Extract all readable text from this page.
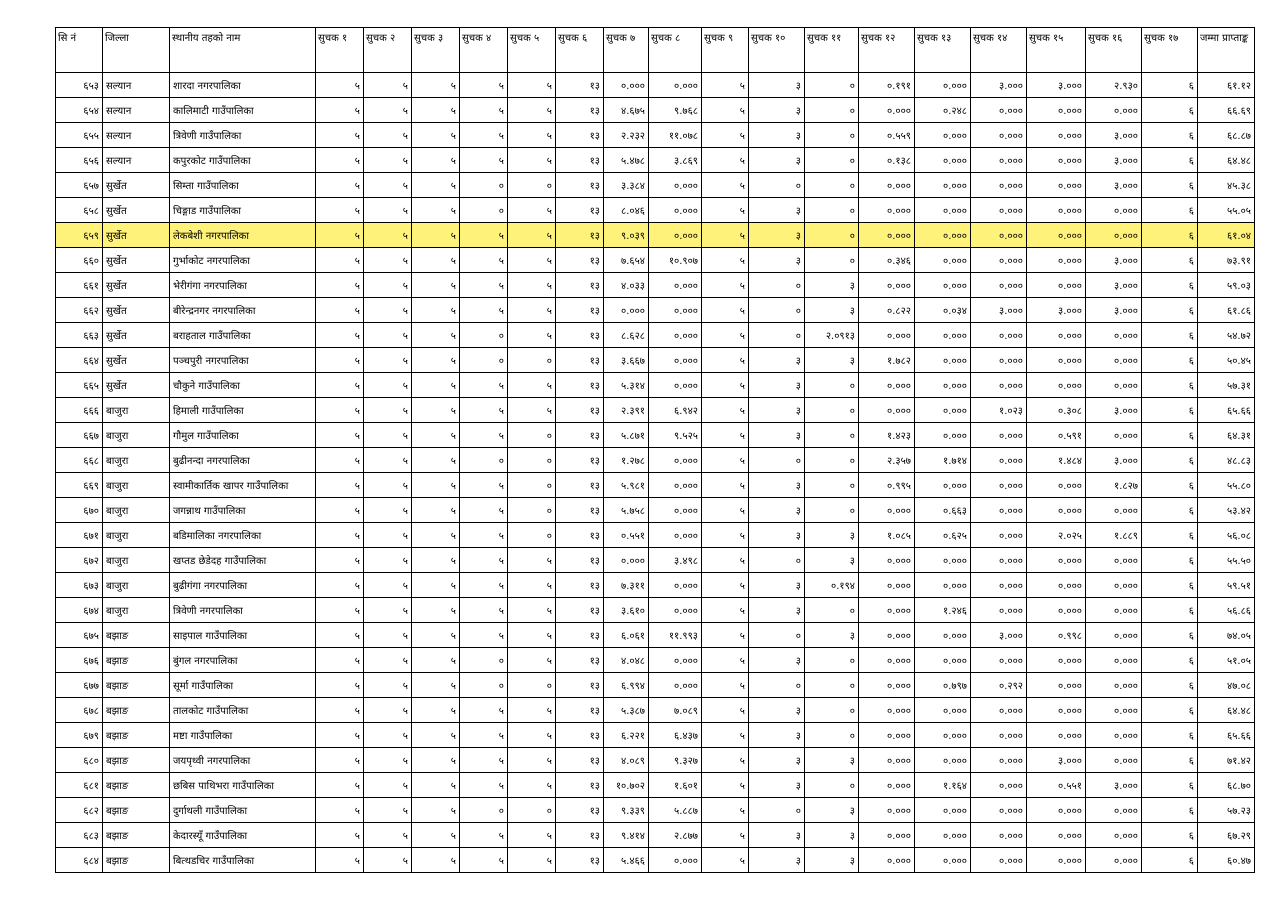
सि नं	जिल्ला	स्थानीय तहको नाम	सुचक १	सुचक २	सुचक ३	सुचक ४	सुचक ५	सुचक ६	सुचक ७	सुचक ८	सुचक ९	सुचक १०	सुचक ११	सुचक १२	सुचक १३	सुचक १४	सुचक १५	सुचक १६	सुचक १७	जम्मा प्राप्ताङ्क
६५३	सल्यान	शारदा नगरपालिका	५	५	५	५	५	१३	०.०००	०.०००	५	३	०	०.१९१	०.०००	३.०००	३.०००	२.९३०	६	६१.१२
६५४	सल्यान	कालिमाटी गाउँपालिका	५	५	५	५	५	१३	४.६७५	९.७६८	५	३	०	०.०००	०.२४८	०.०००	०.०००	०.०००	६	६६.६९
६५५	सल्यान	त्रिवेणी गाउँपालिका	५	५	५	५	५	१३	२.२३२	११.०७८	५	३	०	०.५५९	०.०००	०.०००	०.०००	३.०००	६	६८.८७
६५६	सल्यान	कपुरकोट गाउँपालिका	५	५	५	५	५	१३	५.४७८	३.८६९	५	३	०	०.१३८	०.०००	०.०००	०.०००	३.०००	६	६४.४८
६५७	सुर्खेत	सिम्ता गाउँपालिका	५	५	५	०	०	१३	३.३८४	०.०००	५	०	०	०.०००	०.०००	०.०००	०.०००	३.०००	६	४५.३८
६५८	सुर्खेत	चिङ्गाड गाउँपालिका	५	५	५	०	५	१३	८.०४६	०.०००	५	३	०	०.०००	०.०००	०.०००	०.०००	०.०००	६	५५.०५
६५९	सुर्खेत	लेकबेशी नगरपालिका	५	५	५	५	५	१३	९.०३९	०.०००	५	३	०	०.०००	०.०००	०.०००	०.०००	०.०००	६	६१.०४
६६०	सुर्खेत	गुर्भाकोट नगरपालिका	५	५	५	५	५	१३	७.६५४	१०.९०७	५	३	०	०.३४६	०.०००	०.०००	०.०००	३.०००	६	७३.९१
६६१	सुर्खेत	भेरीगंगा नगरपालिका	५	५	५	५	५	१३	४.०३३	०.०००	५	०	३	०.०००	०.०००	०.०००	०.०००	३.०००	६	५९.०३
६६२	सुर्खेत	बीरेन्द्रनगर नगरपालिका	५	५	५	५	५	१३	०.०००	०.०००	५	०	३	०.८२२	०.०३४	३.०००	३.०००	३.०००	६	६१.८६
६६३	सुर्खेत	बराहताल गाउँपालिका	५	५	५	०	५	१३	८.६२८	०.०००	५	०	२.०९१३	०.०००	०.०००	०.०००	०.०००	०.०००	६	५४.७२
६६४	सुर्खेत	पञ्चपुरी नगरपालिका	५	५	५	०	०	१३	३.६६७	०.०००	५	३	३	१.७८२	०.०००	०.०००	०.०००	०.०००	६	५०.४५
६६५	सुर्खेत	चौकुने गाउँपालिका	५	५	५	५	५	१३	५.३१४	०.०००	५	३	०	०.०००	०.०००	०.०००	०.०००	०.०००	६	५७.३१
६६६	बाजुरा	हिमाली गाउँपालिका	५	५	५	५	५	१३	२.३९१	६.९४२	५	३	०	०.०००	०.०००	१.०२३	०.३०८	३.०००	६	६५.६६
६६७	बाजुरा	गौमुल गाउँपालिका	५	५	५	५	०	१३	५.८७१	९.५२५	५	३	०	१.४२३	०.०००	०.०००	०.५९१	०.०००	६	६४.३१
६६८	बाजुरा	बुढीनन्दा नगरपालिका	५	५	५	०	०	१३	१.२७८	०.०००	५	०	०	२.३५७	१.७१४	०.०००	१.४८४	३.०००	६	४८.८३
६६९	बाजुरा	स्वामीकार्तिक खापर गाउँपालिका	५	५	५	५	०	१३	५.९८१	०.०००	५	३	०	०.९९५	०.०००	०.०००	०.०००	१.८२७	६	५५.८०
६७०	बाजुरा	जगन्नाथ गाउँपालिका	५	५	५	५	०	१३	५.७५८	०.०००	५	३	०	०.०००	०.६६३	०.०००	०.०००	०.०००	६	५३.४२
६७१	बाजुरा	बडिमालिका नगरपालिका	५	५	५	५	०	१३	०.५५१	०.०००	५	३	३	१.०८५	०.६२५	०.०००	२.०२५	१.८८९	६	५६.०८
६७२	बाजुरा	खप्तड छेडेदह गाउँपालिका	५	५	५	५	५	१३	०.०००	३.४९८	५	०	३	०.०००	०.०००	०.०००	०.०००	०.०००	६	५५.५०
६७३	बाजुरा	बुढीगंगा नगरपालिका	५	५	५	५	५	१३	७.३११	०.०००	५	३	०.१९४	०.०००	०.०००	०.०००	०.०००	०.०००	६	५९.५१
६७४	बाजुरा	त्रिवेणी नगरपालिका	५	५	५	५	५	१३	३.६१०	०.०००	५	३	०	०.०००	१.२४६	०.०००	०.०००	०.०००	६	५६.८६
६७५	बझाङ	साइपाल गाउँपालिका	५	५	५	५	५	१३	६.०६१	११.९९३	५	०	३	०.०००	०.०००	३.०००	०.९९८	०.०००	६	७४.०५
६७६	बझाङ	बुंगल नगरपालिका	५	५	५	०	५	१३	४.०४८	०.०००	५	३	०	०.०००	०.०००	०.०००	०.०००	०.०००	६	५१.०५
६७७	बझाङ	सूर्मा गाउँपालिका	५	५	५	०	०	१३	६.९९४	०.०००	५	०	०	०.०००	०.७९७	०.२९२	०.०००	०.०००	६	४७.०८
६७८	बझाङ	तालकोट गाउँपालिका	५	५	५	५	५	१३	५.३८७	७.०८९	५	३	०	०.०००	०.०००	०.०००	०.०००	०.०००	६	६४.४८
६७९	बझाङ	मष्टा गाउँपालिका	५	५	५	५	५	१३	६.२२१	६.४३७	५	३	०	०.०००	०.०००	०.०००	०.०००	०.०००	६	६५.६६
६८०	बझाङ	जयपृथ्वी नगरपालिका	५	५	५	५	५	१३	४.०८९	९.३२७	५	३	३	०.०००	०.०००	०.०००	३.०००	०.०००	६	७१.४२
६८१	बझाङ	छबिस पाथिभरा गाउँपालिका	५	५	५	५	५	१३	१०.७०२	१.६०१	५	३	०	०.०००	१.१६४	०.०००	०.५५१	३.०००	६	६८.७०
६८२	बझाङ	दुर्गाथली गाउँपालिका	५	५	५	०	०	१३	९.३३९	५.८८७	५	०	३	०.०००	०.०००	०.०००	०.०००	०.०००	६	५७.२३
६८३	बझाङ	केदारस्यूँ गाउँपालिका	५	५	५	५	५	१३	९.४१४	२.८७७	५	३	३	०.०००	०.०००	०.०००	०.०००	०.०००	६	६७.२९
६८४	बझाङ	बित्थडचिर गाउँपालिका	५	५	५	५	५	१३	५.४६६	०.०००	५	३	३	०.०००	०.०००	०.०००	०.०००	०.०००	६	६०.४७
